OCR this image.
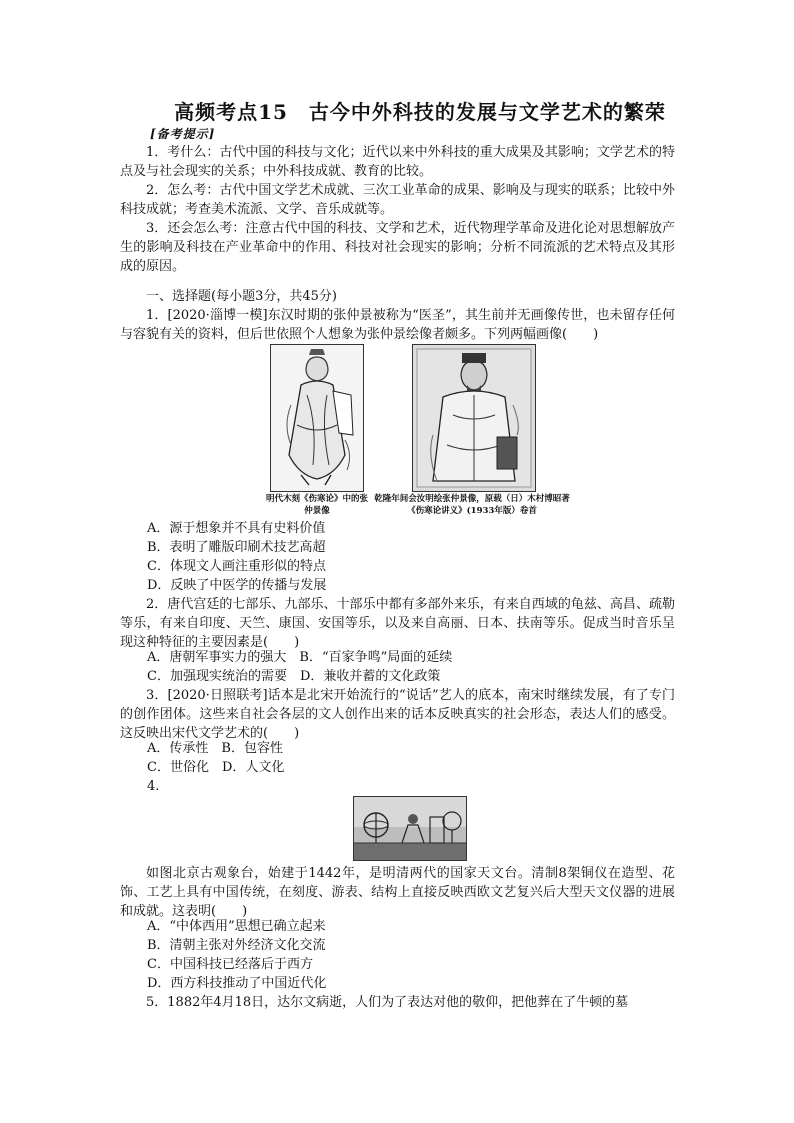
高频考点15　古今中外科技的发展与文学艺术的繁荣
[备考提示]
1．考什么：古代中国的科技与文化；近代以来中外科技的重大成果及其影响；文学艺术的特点及与社会现实的关系；中外科技成就、教育的比较。
2．怎么考：古代中国文学艺术成就、三次工业革命的成果、影响及与现实的联系；比较中外科技成就；考查美术流派、文学、音乐成就等。
3．还会怎么考：注意古代中国的科技、文学和艺术，近代物理学革命及进化论对思想解放产生的影响及科技在产业革命中的作用、科技对社会现实的影响；分析不同流派的艺术特点及其形成的原因。
一、选择题(每小题3分，共45分)
1．[2020·淄博一模]东汉时期的张仲景被称为“医圣”，其生前并无画像传世，也未留存任何与容貌有关的资料，但后世依照个人想象为张仲景绘像者颇多。下列两幅画像(　　)
明代木刻《伤寒论》中的张仲景像
乾隆年间会汝明绘张仲景像，原载（日）木村博昭著《伤寒论讲义》(1933年版）卷首
A．源于想象并不具有史料价值
B．表明了雕版印刷术技艺高超
C．体现文人画注重形似的特点
D．反映了中医学的传播与发展
2．唐代宫廷的七部乐、九部乐、十部乐中都有多部外来乐，有来自西域的龟兹、高昌、疏勒等乐，有来自印度、天竺、康国、安国等乐，以及来自高丽、日本、扶南等乐。促成当时音乐呈现这种特征的主要因素是(　　)
A．唐朝军事实力的强大　B．“百家争鸣”局面的延续
C．加强现实统治的需要　D．兼收并蓄的文化政策
3．[2020·日照联考]话本是北宋开始流行的“说话”艺人的底本，南宋时继续发展，有了专门的创作团体。这些来自社会各层的文人创作出来的话本反映真实的社会形态，表达人们的感受。这反映出宋代文学艺术的(　　)
A．传承性　B．包容性
C．世俗化　D．人文化
4.
如图北京古观象台，始建于1442年，是明清两代的国家天文台。清制8架铜仪在造型、花饰、工艺上具有中国传统，在刻度、游表、结构上直接反映西欧文艺复兴后大型天文仪器的进展和成就。这表明(　　)
A．“中体西用”思想已确立起来
B．清朝主张对外经济文化交流
C．中国科技已经落后于西方
D．西方科技推动了中国近代化
5．1882年4月18日，达尔文病逝，人们为了表达对他的敬仰，把他葬在了牛顿的墓
